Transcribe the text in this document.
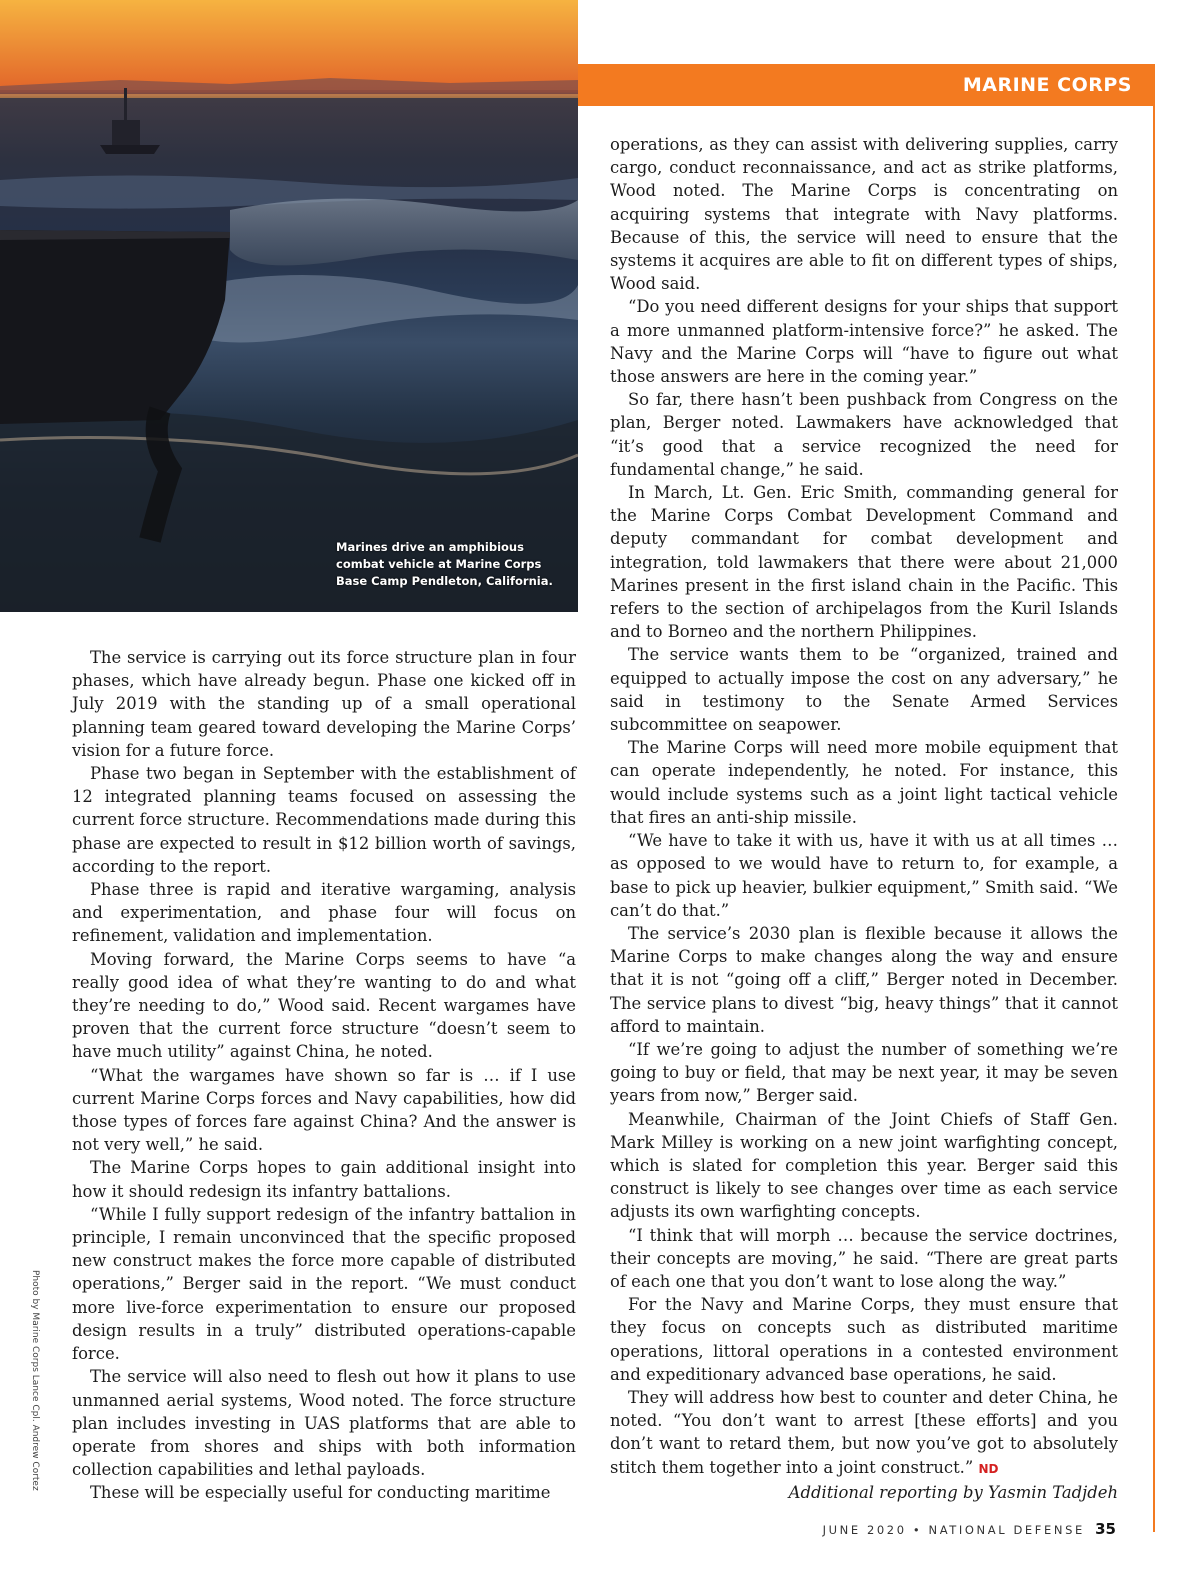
Marines drive an amphibious combat vehicle at Marine Corps Base Camp Pendleton, California.
MARINE CORPS

The service is carrying out its force structure plan in four phases, which have already begun. Phase one kicked off in July 2019 with the standing up of a small operational planning team geared toward developing the Marine Corps’ vision for a future force.

Phase two began in September with the establishment of 12 integrated planning teams focused on assessing the current force structure. Recommendations made during this phase are expected to result in $12 billion worth of savings, according to the report.

Phase three is rapid and iterative wargaming, analysis and experimentation, and phase four will focus on refinement, validation and implementation.

Moving forward, the Marine Corps seems to have “a really good idea of what they’re wanting to do and what they’re needing to do,” Wood said. Recent wargames have proven that the current force structure “doesn’t seem to have much utility” against China, he noted.

“What the wargames have shown so far is … if I use current Marine Corps forces and Navy capabilities, how did those types of forces fare against China? And the answer is not very well,” he said.

The Marine Corps hopes to gain additional insight into how it should redesign its infantry battalions.

“While I fully support redesign of the infantry battalion in principle, I remain unconvinced that the specific proposed new construct makes the force more capable of distributed operations,” Berger said in the report. “We must conduct more live-force experimentation to ensure our proposed design results in a truly” distributed operations-capable force.

The service will also need to flesh out how it plans to use unmanned aerial systems, Wood noted. The force structure plan includes investing in UAS platforms that are able to operate from shores and ships with both information collection capabilities and lethal payloads.

These will be especially useful for conducting maritime

operations, as they can assist with delivering supplies, carry cargo, conduct reconnaissance, and act as strike platforms, Wood noted. The Marine Corps is concentrating on acquiring systems that integrate with Navy platforms. Because of this, the service will need to ensure that the systems it acquires are able to fit on different types of ships, Wood said.

“Do you need different designs for your ships that support a more unmanned platform-intensive force?” he asked. The Navy and the Marine Corps will “have to figure out what those answers are here in the coming year.”

So far, there hasn’t been pushback from Congress on the plan, Berger noted. Lawmakers have acknowledged that “it’s good that a service recognized the need for fundamental change,” he said.

In March, Lt. Gen. Eric Smith, commanding general for the Marine Corps Combat Development Command and deputy commandant for combat development and integration, told lawmakers that there were about 21,000 Marines present in the first island chain in the Pacific. This refers to the section of archipelagos from the Kuril Islands and to Borneo and the northern Philippines.

The service wants them to be “organized, trained and equipped to actually impose the cost on any adversary,” he said in testimony to the Senate Armed Services subcommittee on seapower.

The Marine Corps will need more mobile equipment that can operate independently, he noted. For instance, this would include systems such as a joint light tactical vehicle that fires an anti-ship missile.

“We have to take it with us, have it with us at all times … as opposed to we would have to return to, for example, a base to pick up heavier, bulkier equipment,” Smith said. “We can’t do that.”

The service’s 2030 plan is flexible because it allows the Marine Corps to make changes along the way and ensure that it is not “going off a cliff,” Berger noted in December. The service plans to divest “big, heavy things” that it cannot afford to maintain.

“If we’re going to adjust the number of something we’re going to buy or field, that may be next year, it may be seven years from now,” Berger said.

Meanwhile, Chairman of the Joint Chiefs of Staff Gen. Mark Milley is working on a new joint warfighting concept, which is slated for completion this year. Berger said this construct is likely to see changes over time as each service adjusts its own warfighting concepts.

“I think that will morph … because the service doctrines, their concepts are moving,” he said. “There are great parts of each one that you don’t want to lose along the way.”

For the Navy and Marine Corps, they must ensure that they focus on concepts such as distributed maritime operations, littoral operations in a contested environment and expeditionary advanced base operations, he said.

They will address how best to counter and deter China, he noted. “You don’t want to arrest [these efforts] and you don’t want to retard them, but now you’ve got to absolutely stitch them together into a joint construct.” ND

Additional reporting by Yasmin Tadjdeh

Photo by Marine Corps Lance Cpl. Andrew Cortez
JUNE 2020 • NATIONAL DEFENSE 35
